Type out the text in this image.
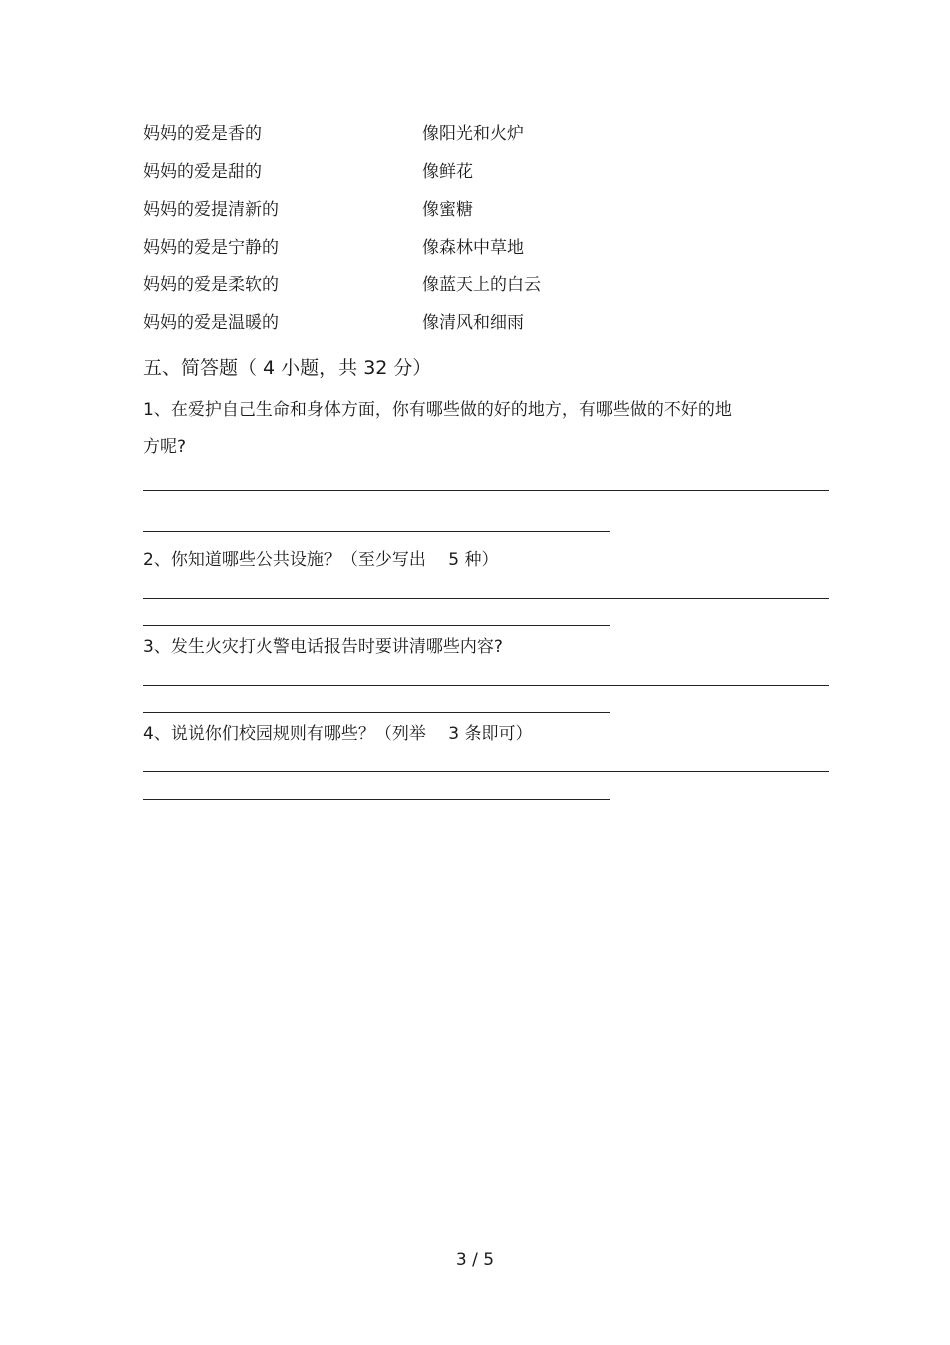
妈妈的爱是香的	像阳光和火炉
妈妈的爱是甜的	像鲜花
妈妈的爱提清新的	像蜜糖
妈妈的爱是宁静的	像森林中草地
妈妈的爱是柔软的	像蓝天上的白云
妈妈的爱是温暖的	像清风和细雨
五、简答题（ 4 小题，共 32 分）
1、在爱护自己生命和身体方面，你有哪些做的好的地方，有哪些做的不好的地
方呢?
2、你知道哪些公共设施？（至少写出　 5 种）
3、发生火灾打火警电话报告时要讲清哪些内容?
4、说说你们校园规则有哪些？（列举　 3 条即可）
3 / 5
